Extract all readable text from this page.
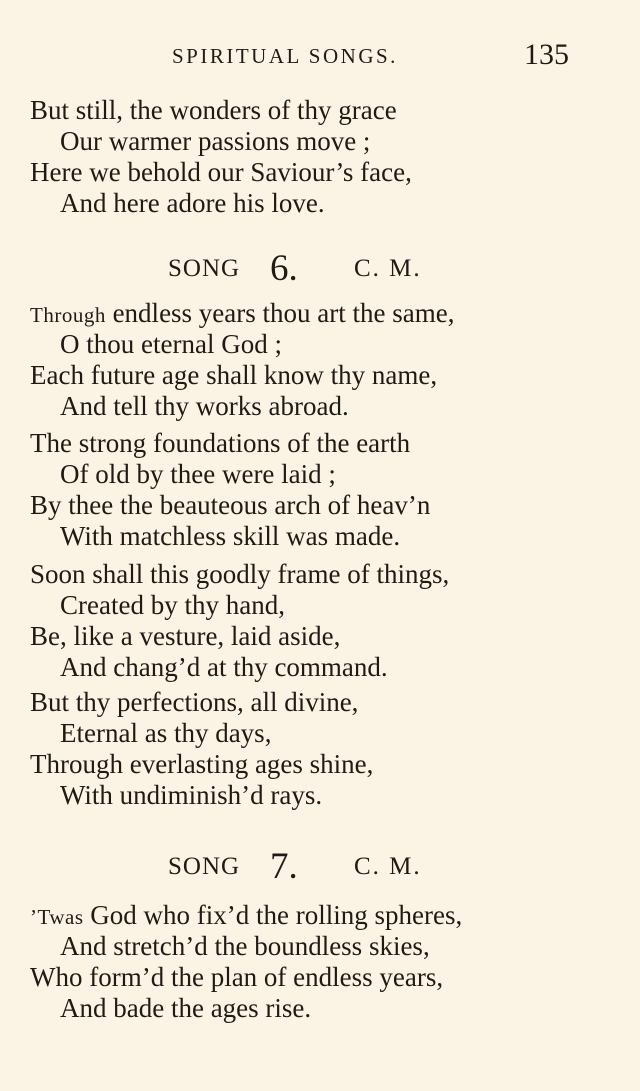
SPIRITUAL SONGS.	135
But still, the wonders of thy grace
Our warmer passions move ;
Here we behold our Saviour’s face,
And here adore his love.
SONG 6. C. M.
Through endless years thou art the same,
O thou eternal God ;
Each future age shall know thy name,
And tell thy works abroad.
The strong foundations of the earth
Of old by thee were laid ;
By thee the beauteous arch of heav’n
With matchless skill was made.
Soon shall this goodly frame of things,
Created by thy hand,
Be, like a vesture, laid aside,
And chang’d at thy command.
But thy perfections, all divine,
Eternal as thy days,
Through everlasting ages shine,
With undiminish’d rays.
SONG 7. C. M.
’Twas God who fix’d the rolling spheres,
And stretch’d the boundless skies,
Who form’d the plan of endless years,
And bade the ages rise.
